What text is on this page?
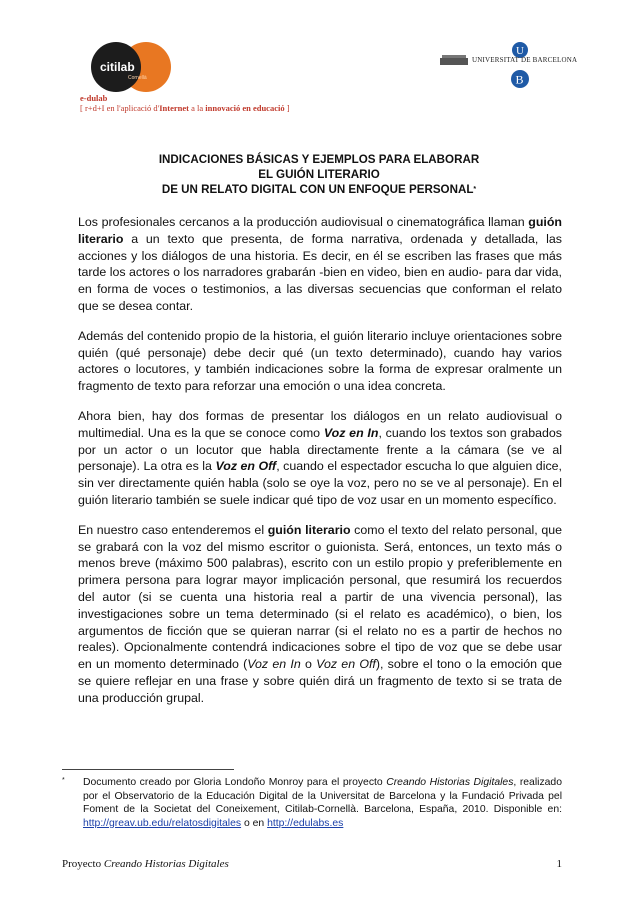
citilab
Cornellà
e-dulab
[ r+d+I en l'aplicació d'Internet a la innovació en educació ]
U
B
UNIVERSITAT DE BARCELONA
INDICACIONES BÁSICAS Y EJEMPLOS PARA ELABORAR
EL GUIÓN LITERARIO
DE UN RELATO DIGITAL CON UN ENFOQUE PERSONAL*

Los profesionales cercanos a la producción audiovisual o cinematográfica llaman guión literario a un texto que presenta, de forma narrativa, ordenada y detallada, las acciones y los diálogos de una historia. Es decir, en él se escriben las frases que más tarde los actores o los narradores grabarán -bien en video, bien en audio- para dar vida, en forma de voces o testimonios, a las diversas secuencias que conforman el relato que se desea contar.

Además del contenido propio de la historia, el guión literario incluye orientaciones sobre quién (qué personaje) debe decir qué (un texto determinado), cuando hay varios actores o locutores, y también indicaciones sobre la forma de expresar oralmente un fragmento de texto para reforzar una emoción o una idea concreta.

Ahora bien, hay dos formas de presentar los diálogos en un relato audiovisual o multimedial. Una es la que se conoce como Voz en In, cuando los textos son grabados por un actor o un locutor que habla directamente frente a la cámara (se ve al personaje). La otra es la Voz en Off, cuando el espectador escucha lo que alguien dice, sin ver directamente quién habla (solo se oye la voz, pero no se ve al personaje). En el guión literario también se suele indicar qué tipo de voz usar en un momento específico.

En nuestro caso entenderemos el guión literario como el texto del relato personal, que se grabará con la voz del mismo escritor o guionista. Será, entonces, un texto más o menos breve (máximo 500 palabras), escrito con un estilo propio y preferiblemente en primera persona para lograr mayor implicación personal, que resumirá los recuerdos del autor (si se cuenta una historia real a partir de una vivencia personal), las investigaciones sobre un tema determinado (si el relato es académico), o bien, los argumentos de ficción que se quieran narrar (si el relato no es a partir de hechos no reales). Opcionalmente contendrá indicaciones sobre el tipo de voz que se debe usar en un momento determinado (Voz en In o Voz en Off), sobre el tono o la emoción que se quiere reflejar en una frase y sobre quién dirá un fragmento de texto si se trata de una producción grupal.

*	Documento creado por Gloria Londoño Monroy para el proyecto Creando Historias Digitales, realizado por el Observatorio de la Educación Digital de la Universitat de Barcelona y la Fundació Privada pel Foment de la Societat del Coneixement, Citilab-Cornellà. Barcelona, España, 2010. Disponible en: http://greav.ub.edu/relatosdigitales o en http://edulabs.es
Proyecto Creando Historias Digitales	1
